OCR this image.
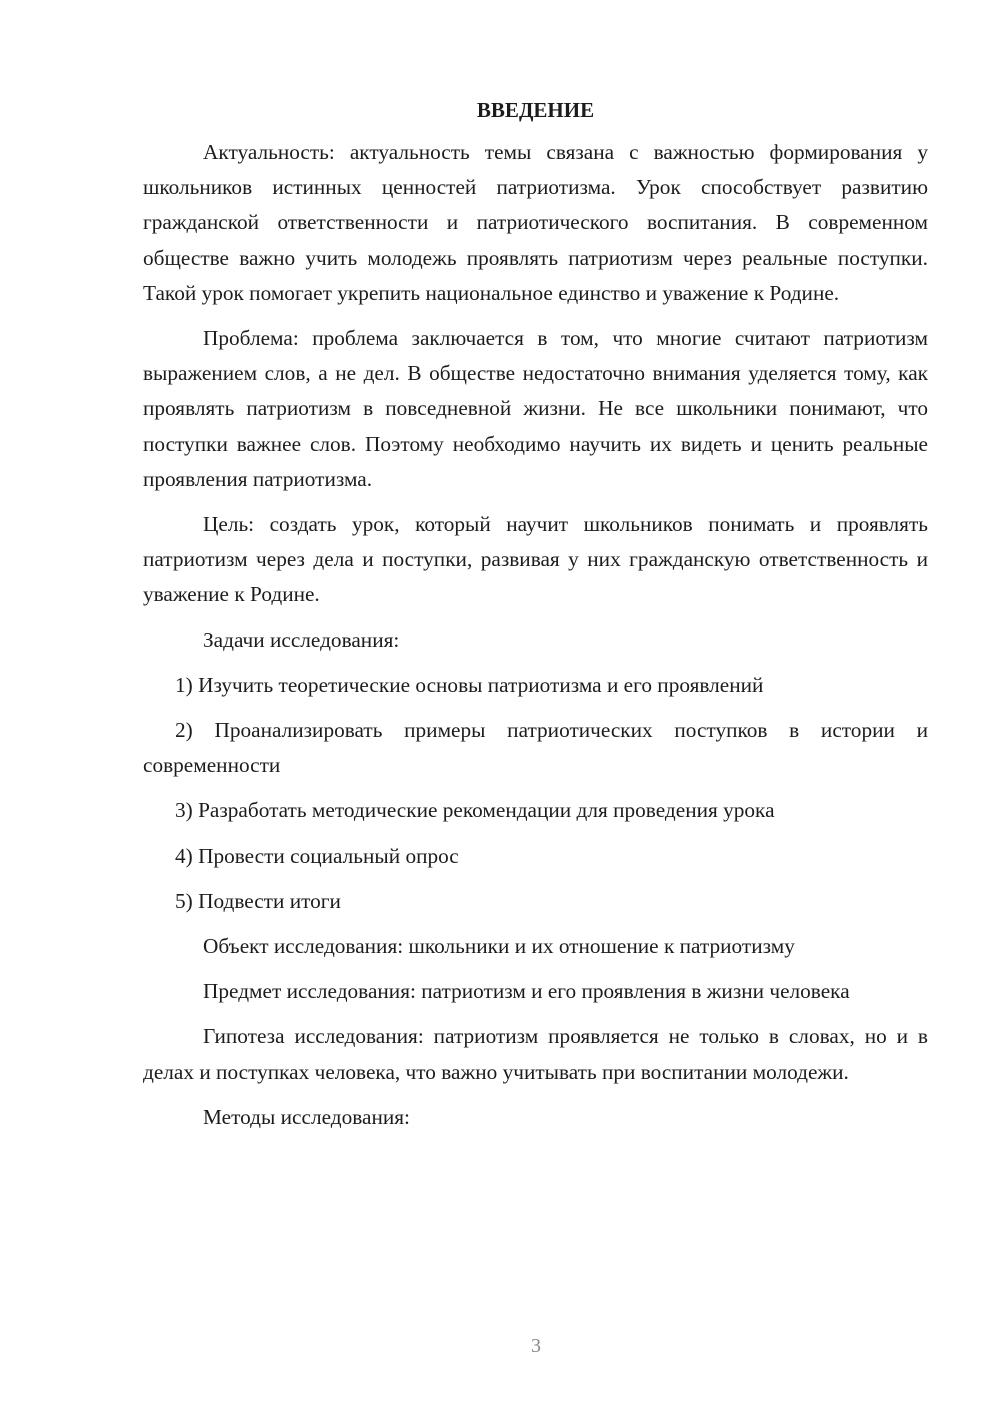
ВВЕДЕНИЕ

Актуальность: актуальность темы связана с важностью формирования у школьников истинных ценностей патриотизма. Урок способствует развитию гражданской ответственности и патриотического воспитания. В современном обществе важно учить молодежь проявлять патриотизм через реальные поступки. Такой урок помогает укрепить национальное единство и уважение к Родине.

Проблема: проблема заключается в том, что многие считают патриотизм выражением слов, а не дел. В обществе недостаточно внимания уделяется тому, как проявлять патриотизм в повседневной жизни. Не все школьники понимают, что поступки важнее слов. Поэтому необходимо научить их видеть и ценить реальные проявления патриотизма.

Цель: создать урок, который научит школьников понимать и проявлять патриотизм через дела и поступки, развивая у них гражданскую ответственность и уважение к Родине.

Задачи исследования:

1) Изучить теоретические основы патриотизма и его проявлений

2) Проанализировать примеры патриотических поступков в истории и современности

3) Разработать методические рекомендации для проведения урока

4) Провести социальный опрос

5) Подвести итоги

Объект исследования: школьники и их отношение к патриотизму

Предмет исследования: патриотизм и его проявления в жизни человека

Гипотеза исследования: патриотизм проявляется не только в словах, но и в делах и поступках человека, что важно учитывать при воспитании молодежи.

Методы исследования:

3
